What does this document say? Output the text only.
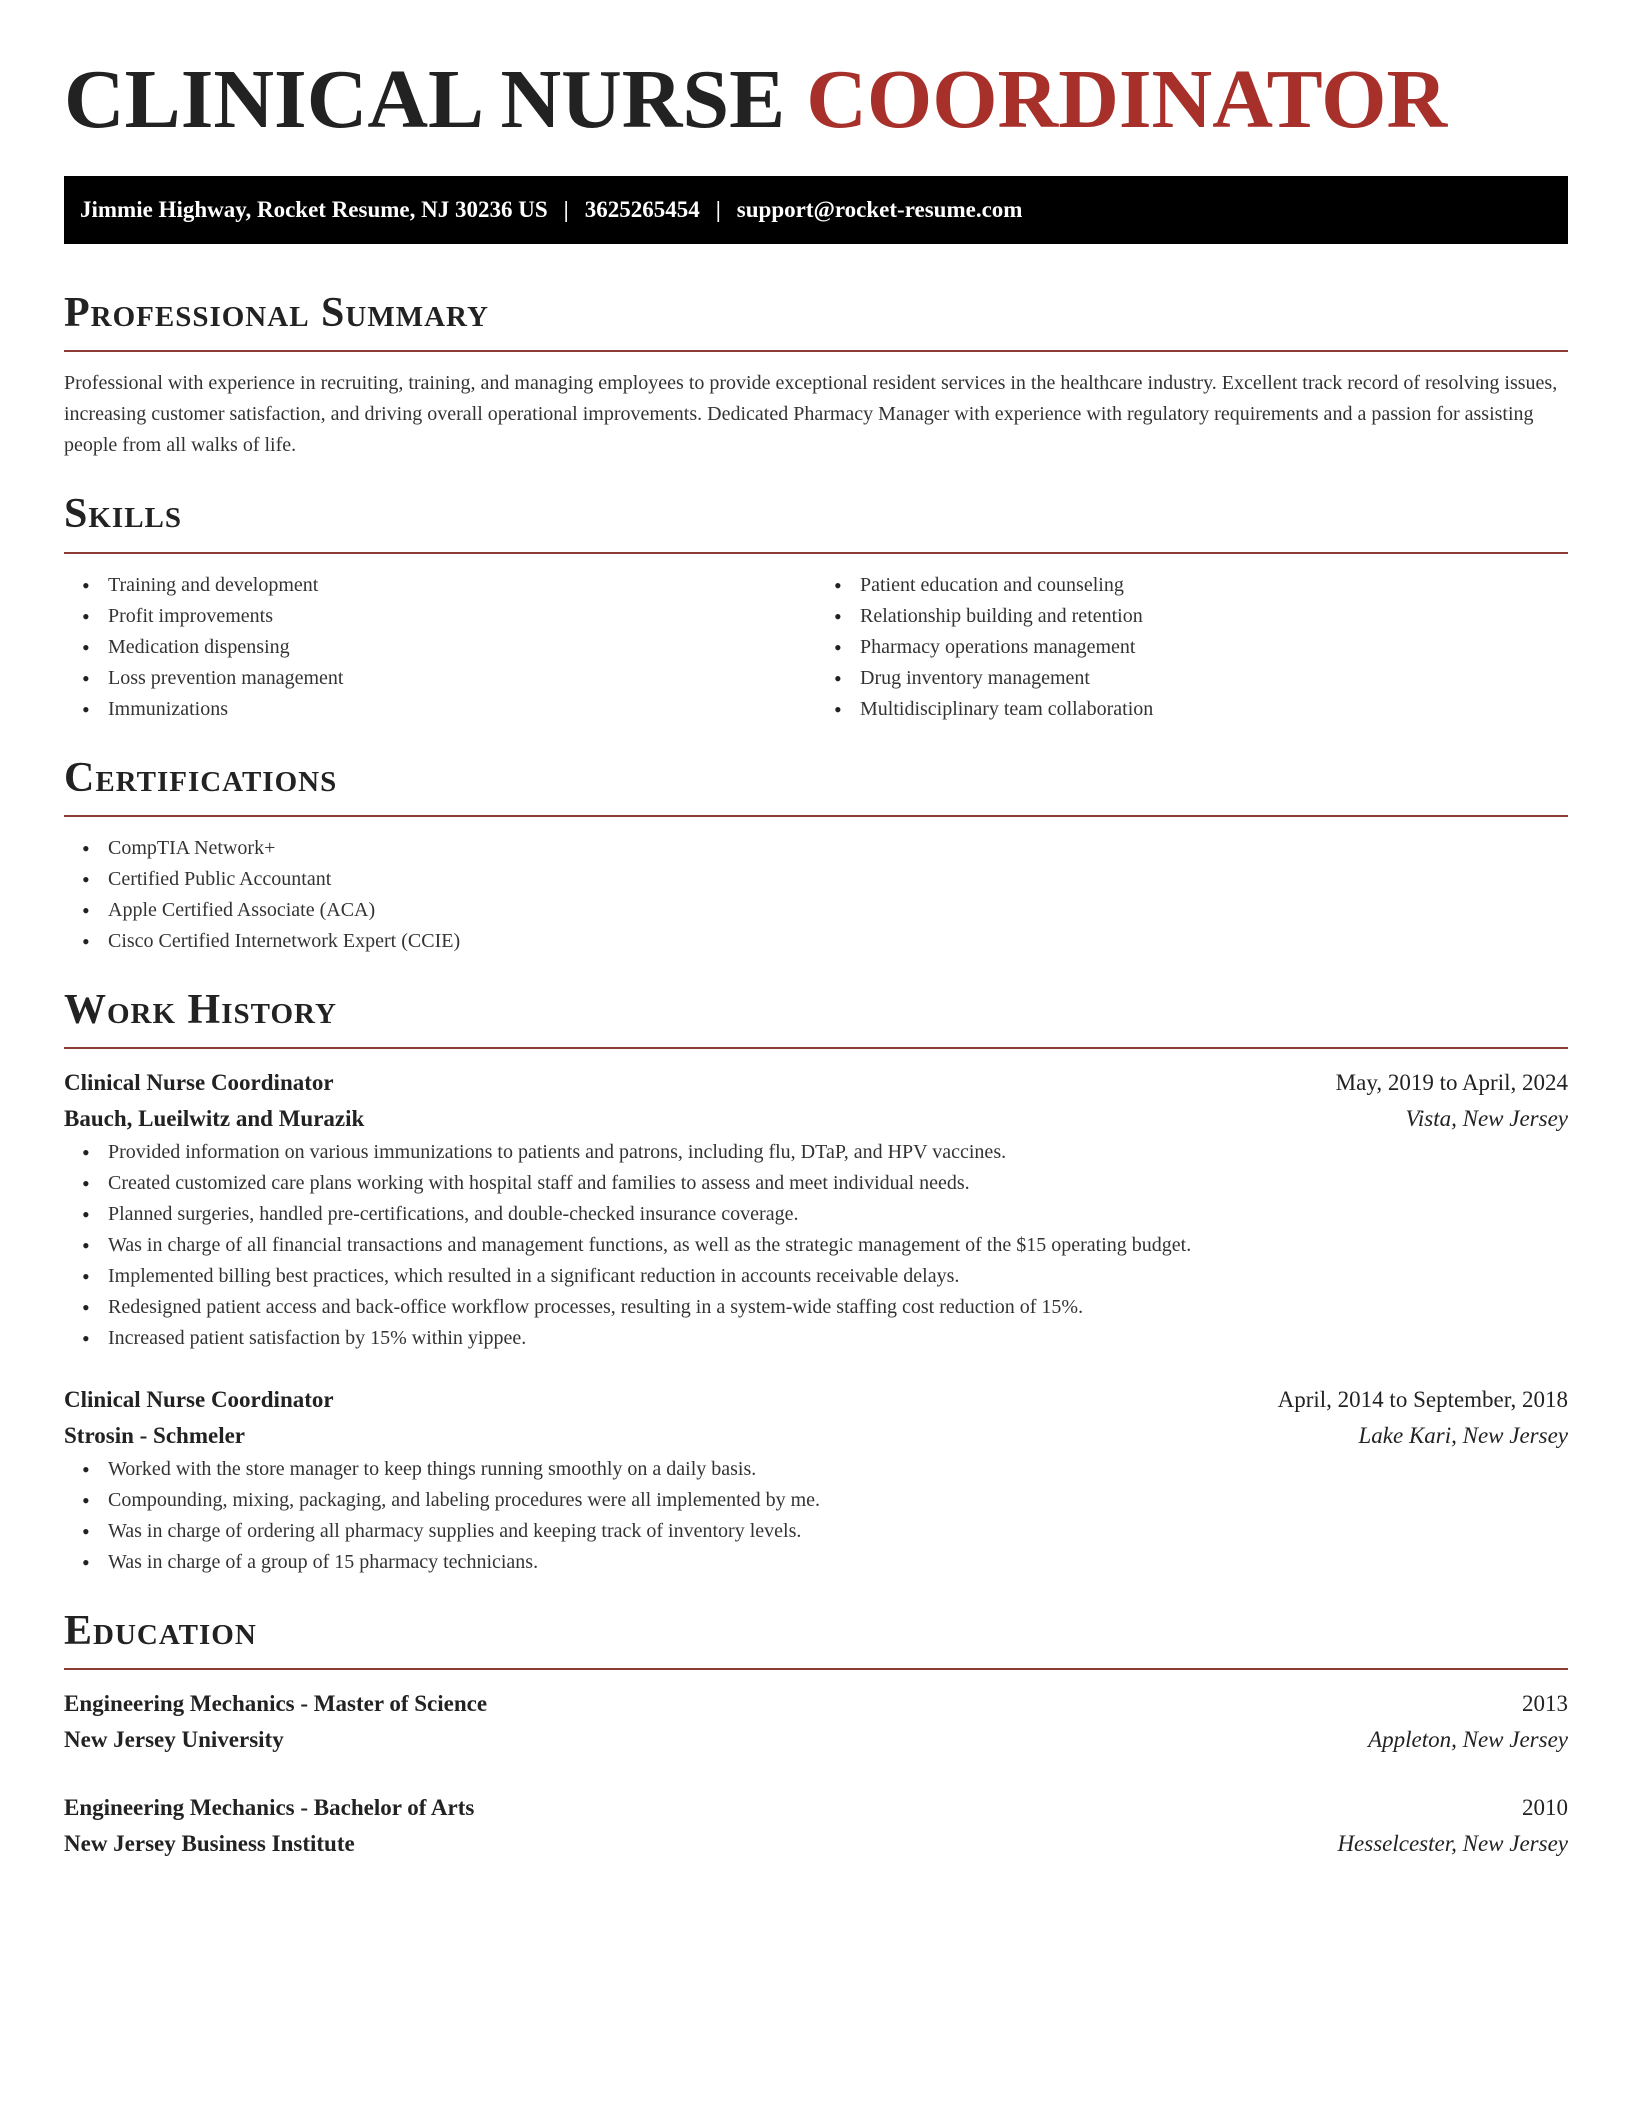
CLINICAL NURSE COORDINATOR
Jimmie Highway, Rocket Resume, NJ 30236 US | 3625265454 | support@rocket-resume.com
Professional Summary

Professional with experience in recruiting, training, and managing employees to provide exceptional resident services in the healthcare industry. Excellent track record of resolving issues, increasing customer satisfaction, and driving overall operational improvements. Dedicated Pharmacy Manager with experience with regulatory requirements and a passion for assisting people from all walks of life.

Skills
• Training and development
• Profit improvements
• Medication dispensing
• Loss prevention management
• Immunizations
• Patient education and counseling
• Relationship building and retention
• Pharmacy operations management
• Drug inventory management
• Multidisciplinary team collaboration
Certifications
• CompTIA Network+
• Certified Public Accountant
• Apple Certified Associate (ACA)
• Cisco Certified Internetwork Expert (CCIE)
Work History
Clinical Nurse Coordinator	May, 2019 to April, 2024
Bauch, Lueilwitz and Murazik	Vista, New Jersey
• Provided information on various immunizations to patients and patrons, including flu, DTaP, and HPV vaccines.
• Created customized care plans working with hospital staff and families to assess and meet individual needs.
• Planned surgeries, handled pre-certifications, and double-checked insurance coverage.
• Was in charge of all financial transactions and management functions, as well as the strategic management of the $15 operating budget.
• Implemented billing best practices, which resulted in a significant reduction in accounts receivable delays.
• Redesigned patient access and back-office workflow processes, resulting in a system-wide staffing cost reduction of 15%.
• Increased patient satisfaction by 15% within yippee.
Clinical Nurse Coordinator	April, 2014 to September, 2018
Strosin - Schmeler	Lake Kari, New Jersey
• Worked with the store manager to keep things running smoothly on a daily basis.
• Compounding, mixing, packaging, and labeling procedures were all implemented by me.
• Was in charge of ordering all pharmacy supplies and keeping track of inventory levels.
• Was in charge of a group of 15 pharmacy technicians.
Education
Engineering Mechanics - Master of Science	2013
New Jersey University	Appleton, New Jersey
Engineering Mechanics - Bachelor of Arts	2010
New Jersey Business Institute	Hesselcester, New Jersey
